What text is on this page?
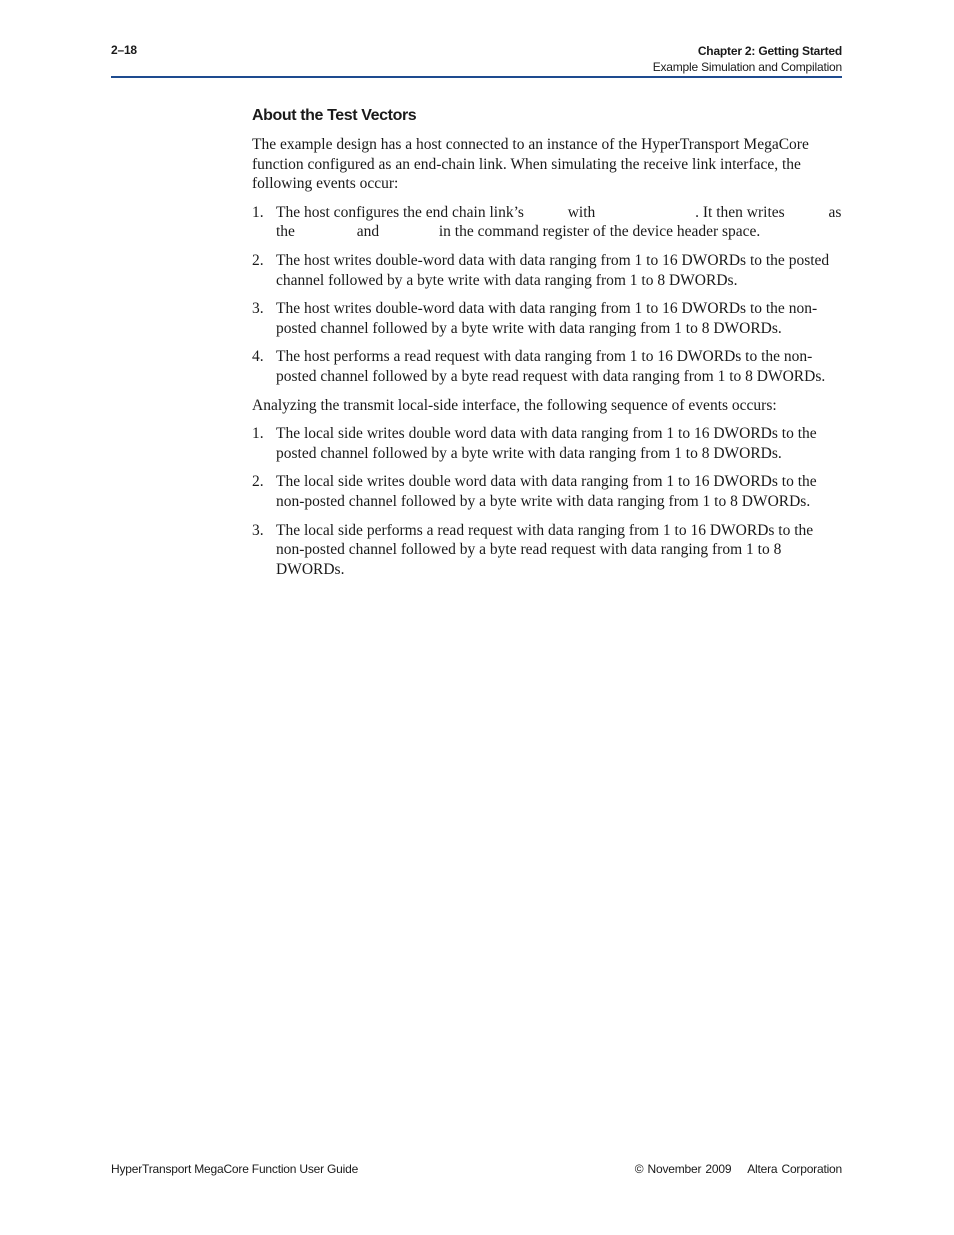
2–18	Chapter 2: Getting Started
Example Simulation and Compilation
About the Test Vectors

The example design has a host connected to an instance of the HyperTransport MegaCore function configured as an end-chain link. When simulating the receive link interface, the following events occur:

1. The host configures the end chain link’s	with	. It then writes	as the	and	in the command register of the device header space.
2. The host writes double-word data with data ranging from 1 to 16 DWORDs to the posted channel followed by a byte write with data ranging from 1 to 8 DWORDs.
3. The host writes double-word data with data ranging from 1 to 16 DWORDs to the non-posted channel followed by a byte write with data ranging from 1 to 8 DWORDs.
4. The host performs a read request with data ranging from 1 to 16 DWORDs to the non-posted channel followed by a byte read request with data ranging from 1 to 8 DWORDs.

Analyzing the transmit local-side interface, the following sequence of events occurs:

1. The local side writes double word data with data ranging from 1 to 16 DWORDs to the posted channel followed by a byte write with data ranging from 1 to 8 DWORDs.
2. The local side writes double word data with data ranging from 1 to 16 DWORDs to the non-posted channel followed by a byte write with data ranging from 1 to 8 DWORDs.
3. The local side performs a read request with data ranging from 1 to 16 DWORDs to the non-posted channel followed by a byte read request with data ranging from 1 to 8 DWORDs.
HyperTransport MegaCore Function User Guide	© November 2009 Altera Corporation
